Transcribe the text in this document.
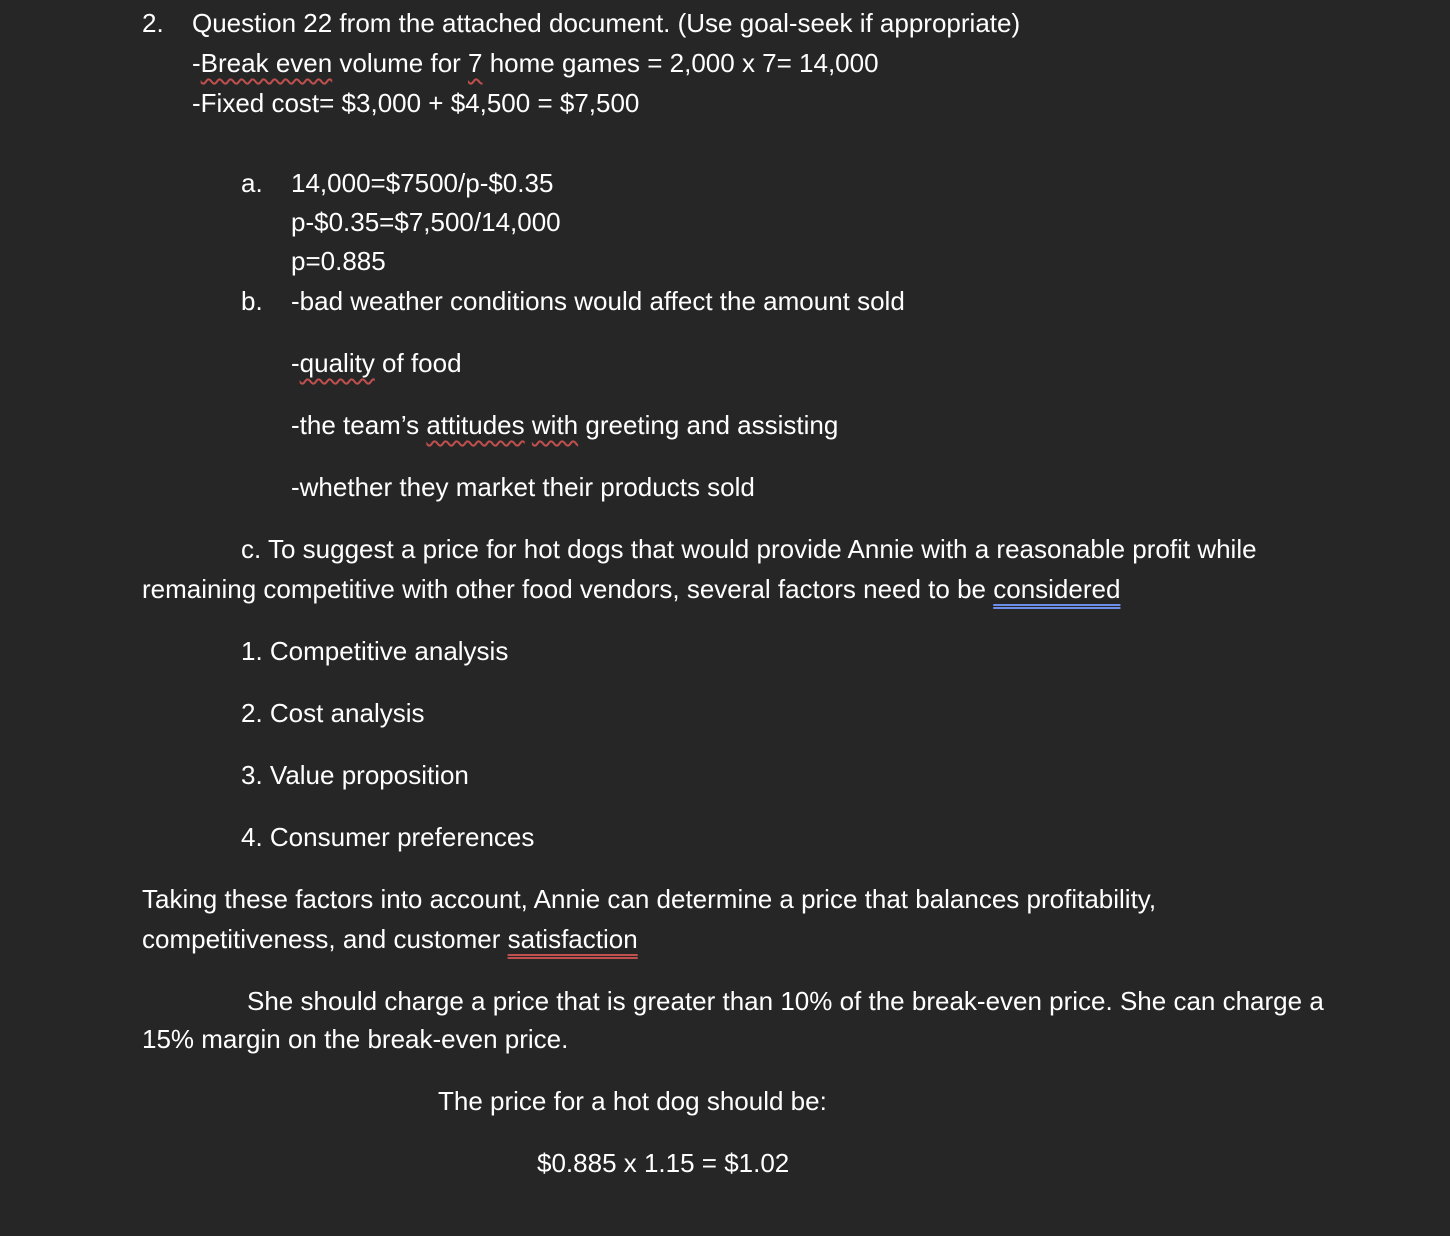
2. Question 22 from the attached document. (Use goal-seek if appropriate)
-Break even volume for 7 home games = 2,000 x 7= 14,000
-Fixed cost= $3,000 + $4,500 = $7,500
a. 14,000=$7500/p-$0.35
p-$0.35=$7,500/14,000
p=0.885
b. -bad weather conditions would affect the amount sold
-quality of food
-the team’s attitudes with greeting and assisting
-whether they market their products sold
c. To suggest a price for hot dogs that would provide Annie with a reasonable profit while
remaining competitive with other food vendors, several factors need to be considered
1. Competitive analysis
2. Cost analysis
3. Value proposition
4. Consumer preferences
Taking these factors into account, Annie can determine a price that balances profitability,
competitiveness, and customer satisfaction
She should charge a price that is greater than 10% of the break-even price. She can charge a
15% margin on the break-even price.
The price for a hot dog should be:
$0.885 x 1.15 = $1.02
